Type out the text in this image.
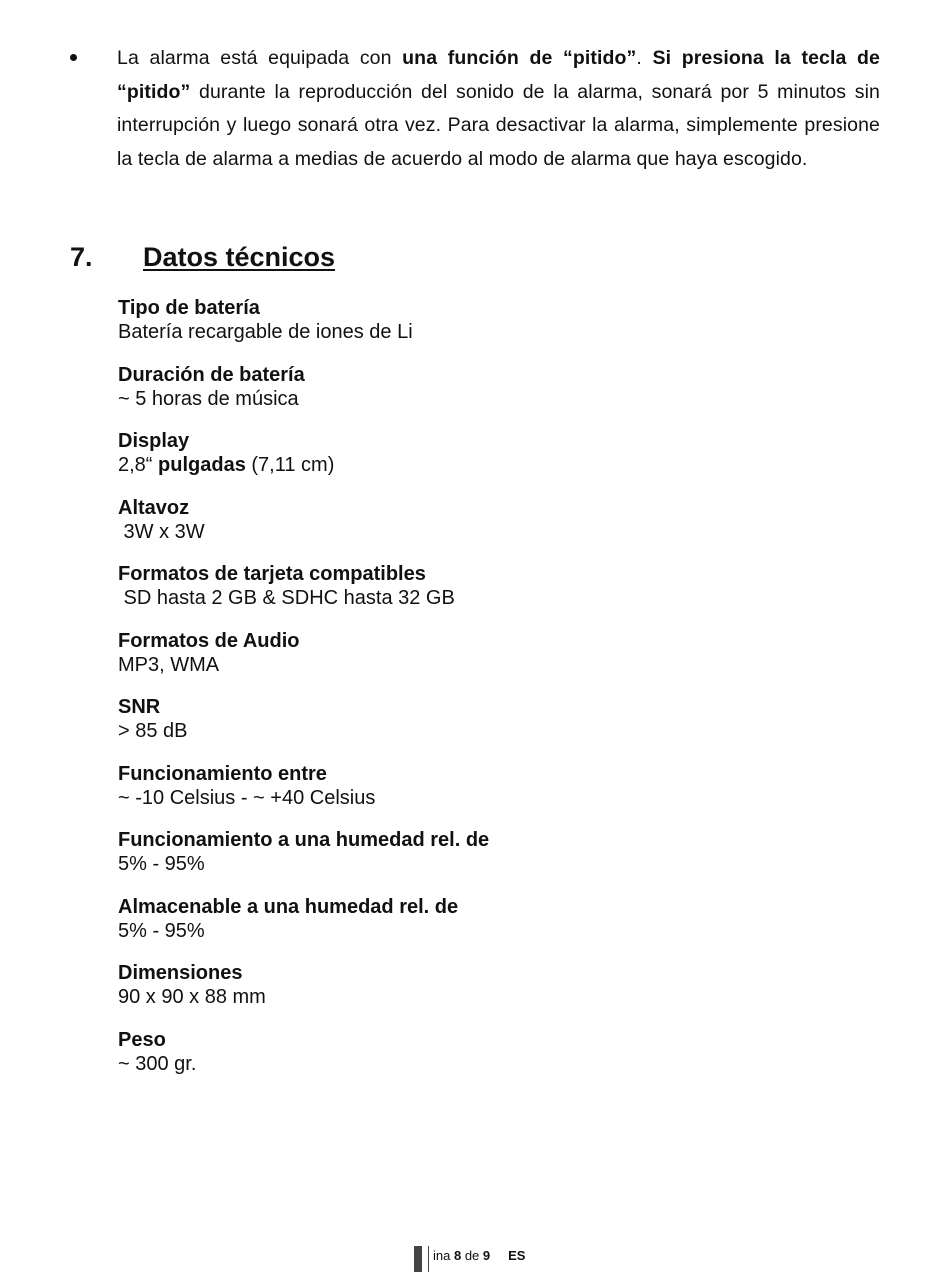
La alarma está equipada con una función de “pitido”. Si presiona la tecla de “pitido” durante la reproducción del sonido de la alarma, sonará por 5 minutos sin interrupción y luego sonará otra vez. Para desactivar la alarma, simplemente presione la tecla de alarma a medias de acuerdo al modo de alarma que haya escogido.
7. Datos técnicos
Tipo de batería
Batería recargable de iones de Li
Duración de batería
~ 5 horas de música
Display
2,8“ pulgadas (7,11 cm)
Altavoz
3W x 3W
Formatos de tarjeta compatibles
SD hasta 2 GB & SDHC hasta 32 GB
Formatos de Audio
MP3, WMA
SNR
> 85 dB
Funcionamiento entre
~ -10 Celsius - ~ +40 Celsius
Funcionamiento a una humedad rel. de
5% - 95%
Almacenable a una humedad rel. de
5% - 95%
Dimensiones
90 x 90 x 88 mm
Peso
~ 300 gr.
ina 8 de 9 ES
